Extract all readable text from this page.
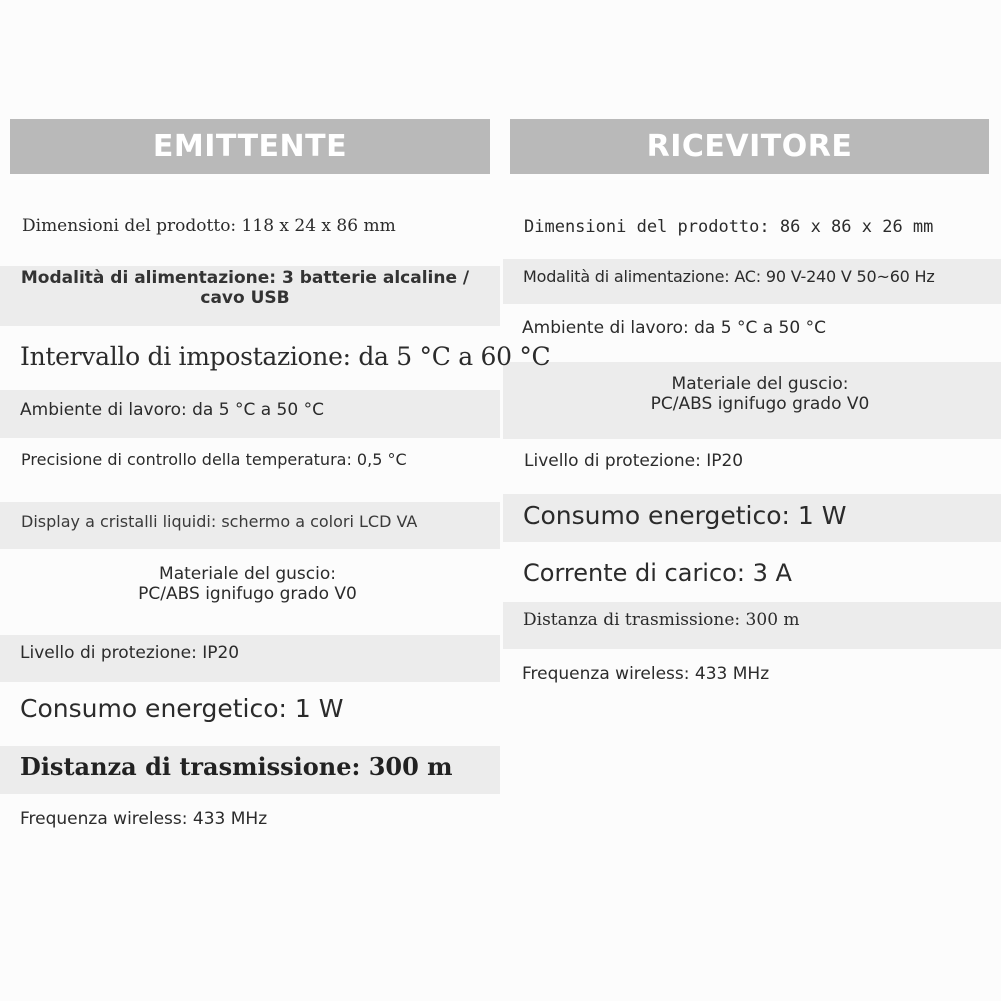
EMITTENTE	RICEVITORE
Dimensioni del prodotto: 118 x 24 x 86 mm
Modalità di alimentazione: 3 batterie alcaline /
cavo USB
Intervallo di impostazione: da 5 °C a 60 °C
Ambiente di lavoro: da 5 °C a 50 °C
Precisione di controllo della temperatura: 0,5 °C
Display a cristalli liquidi: schermo a colori LCD VA
Materiale del guscio:
PC/ABS ignifugo grado V0
Livello di protezione: IP20
Consumo energetico: 1 W
Distanza di trasmissione: 300 m
Frequenza wireless: 433 MHz
Dimensioni del prodotto: 86 x 86 x 26 mm
Modalità di alimentazione: AC: 90 V-240 V 50~60 Hz
Ambiente di lavoro: da 5 °C a 50 °C
Materiale del guscio:
PC/ABS ignifugo grado V0
Livello di protezione: IP20
Consumo energetico: 1 W
Corrente di carico: 3 A
Distanza di trasmissione: 300 m
Frequenza wireless: 433 MHz
